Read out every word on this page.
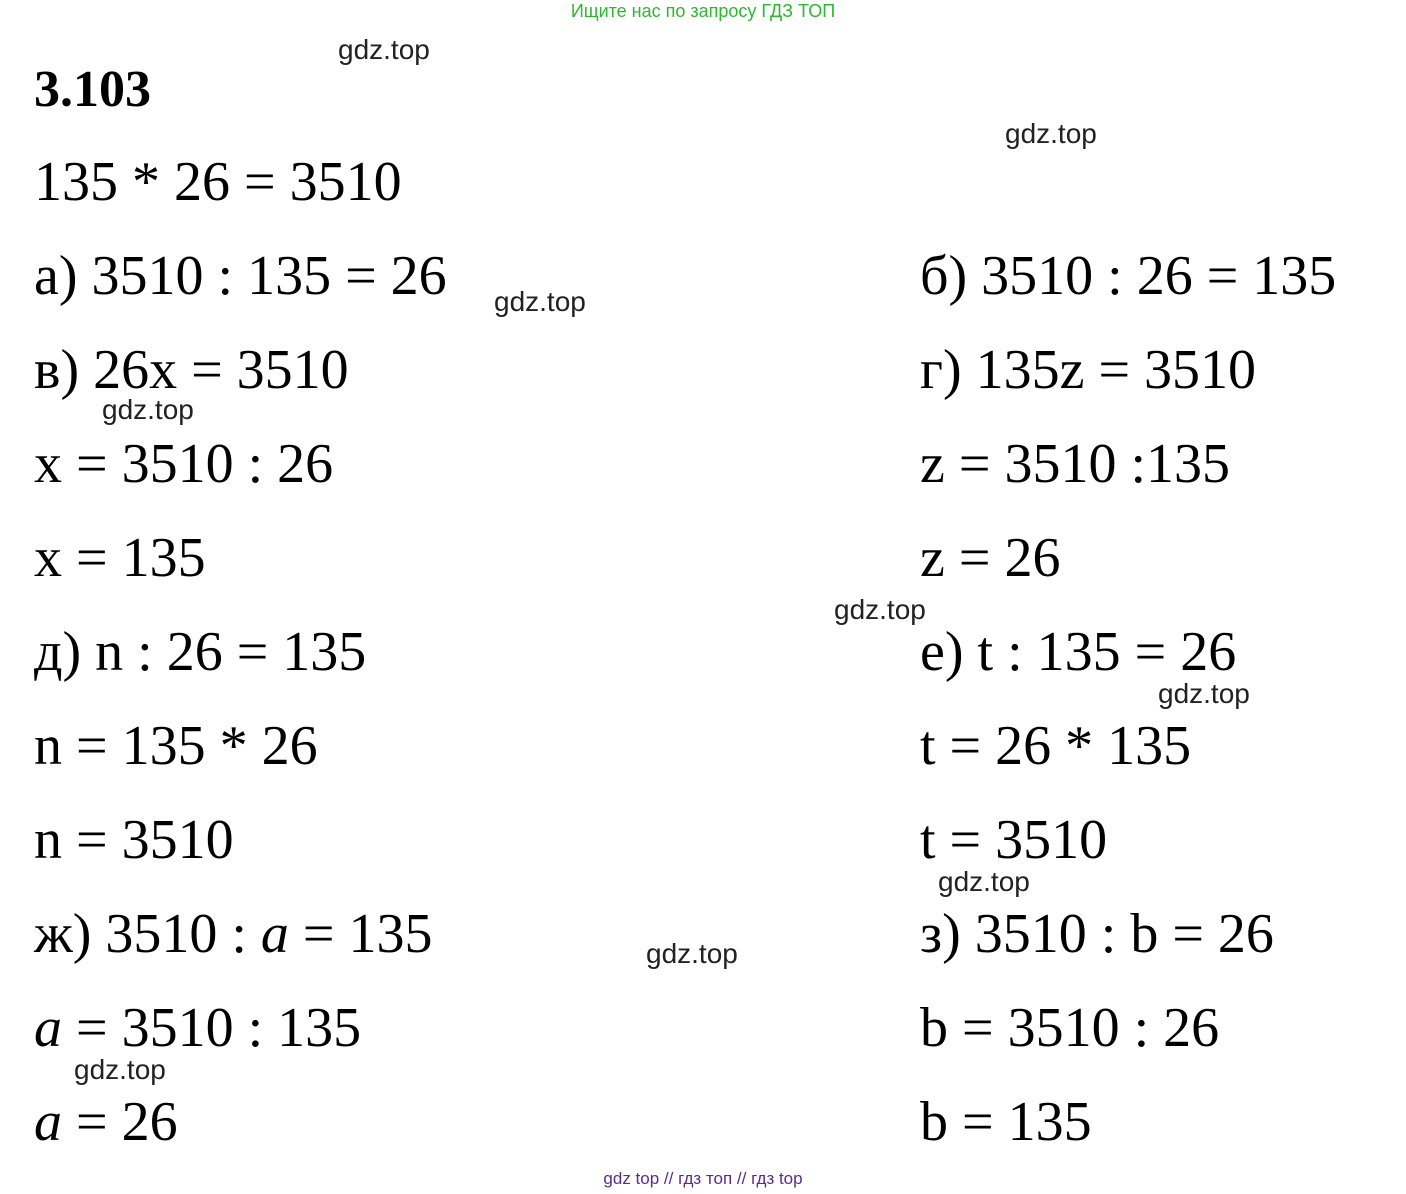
Ищите нас по запросу ГДЗ ТОП
3.103
gdz.top
gdz.top
gdz.top
gdz.top
gdz.top
gdz.top
gdz.top
gdz.top
gdz.top
135 * 26 = 3510
а) 3510 : 135 = 26
в) 26x = 3510
x = 3510 : 26
x = 135
д) n : 26 = 135
n = 135 * 26
n = 3510
ж) 3510 : a = 135
a = 3510 : 135
a = 26
б) 3510 : 26 = 135
г) 135z = 3510
z = 3510 :135
z = 26
е) t : 135 = 26
t = 26 * 135
t = 3510
з) 3510 : b = 26
b = 3510 : 26
b = 135
gdz top // гдз топ // гдз top
